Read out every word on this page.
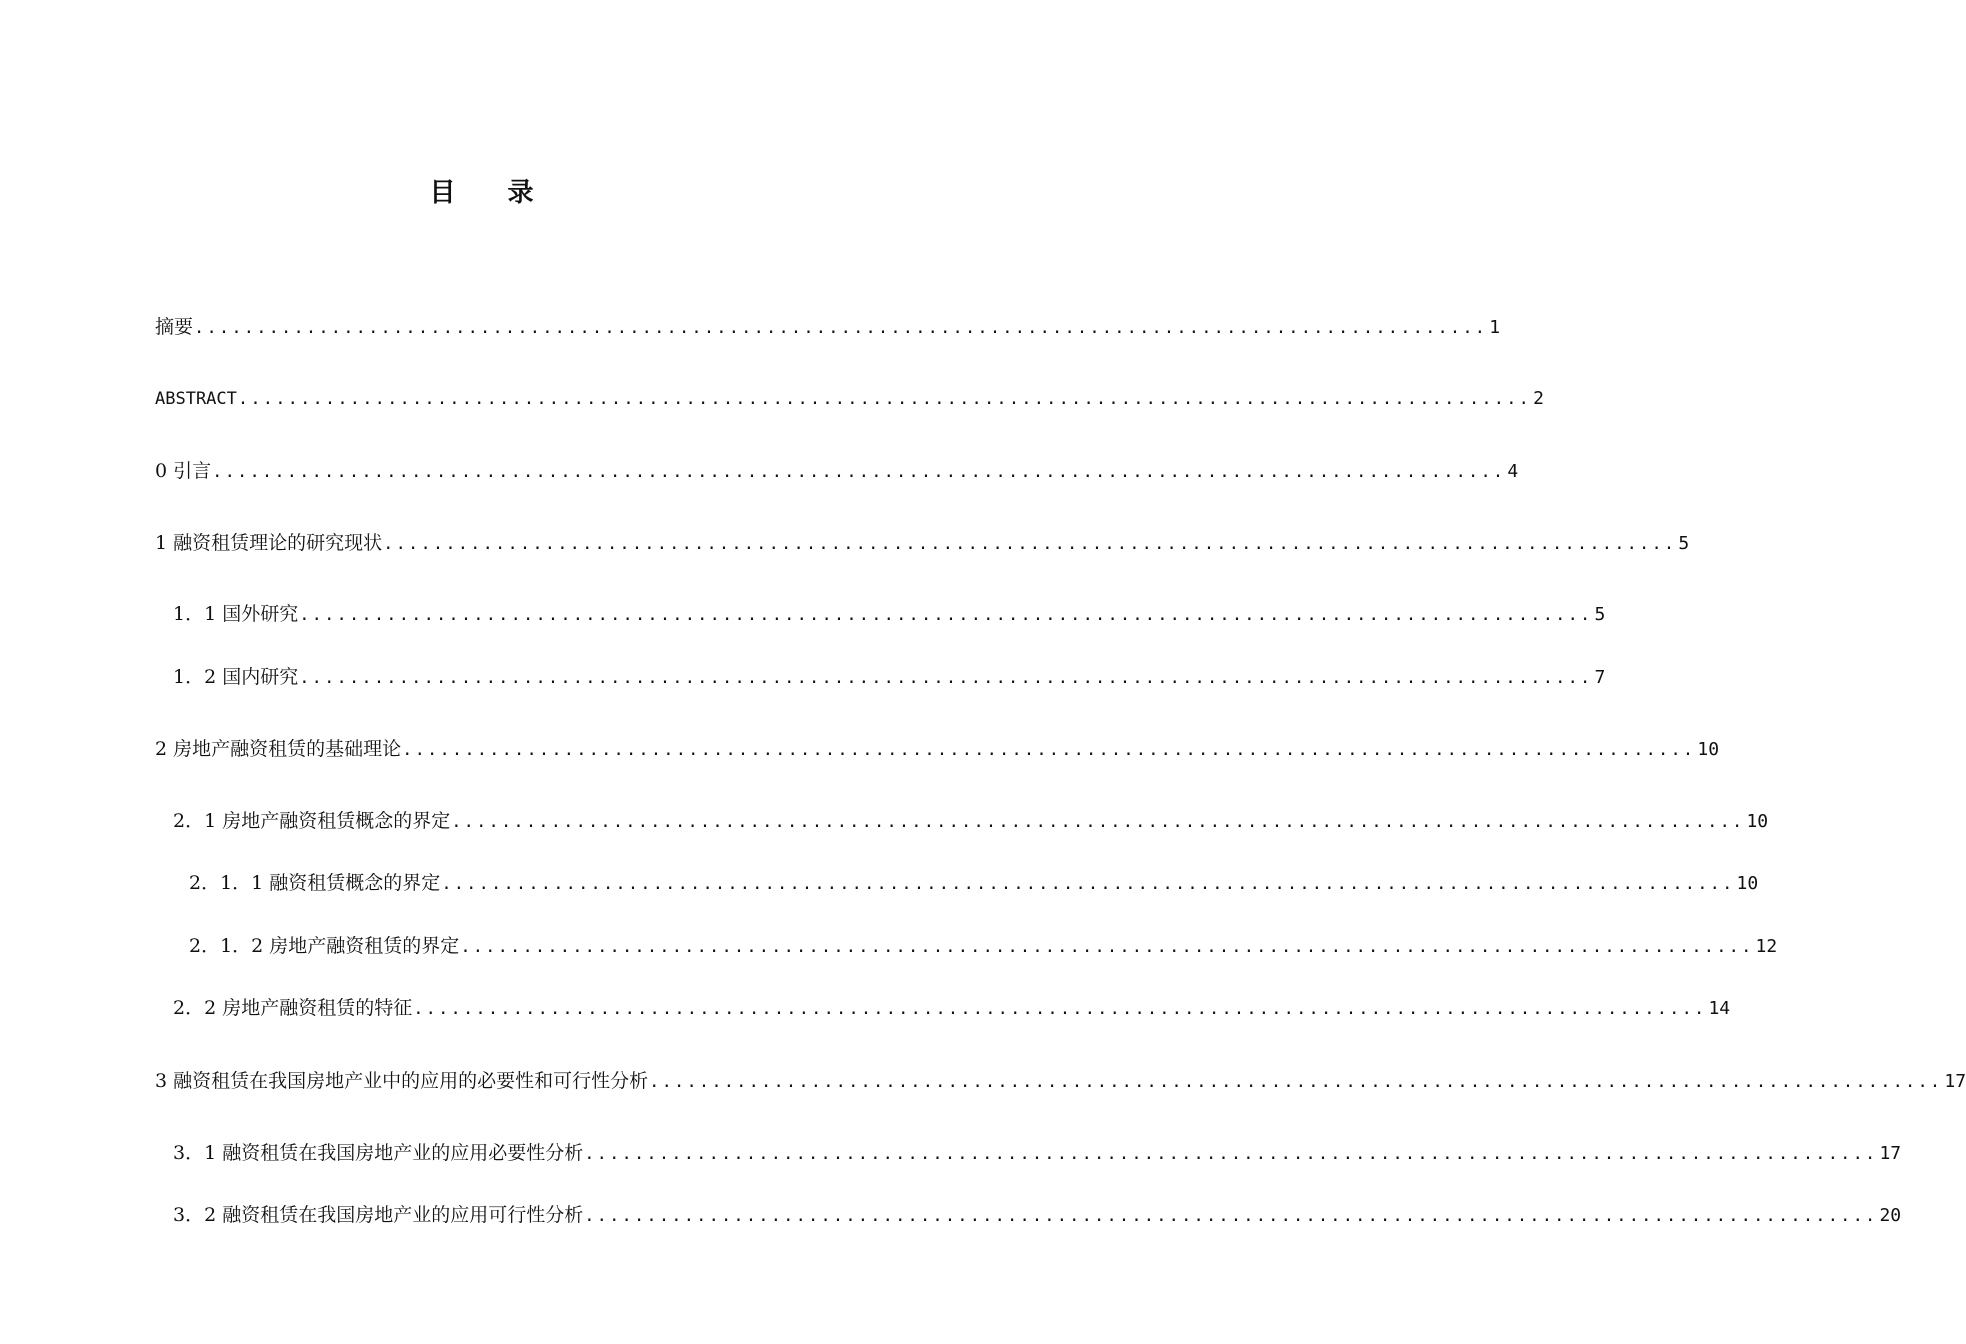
目录
摘要 ........................................................................................................ 1
ABSTRACT ........................................................................................................ 2
0 引言 ........................................................................................................ 4
1 融资租赁理论的研究现状 ........................................................................................................ 5
1．1 国外研究 ........................................................................................................ 5
1．2 国内研究 ........................................................................................................ 7
2 房地产融资租赁的基础理论 ........................................................................................................ 10
2．1 房地产融资租赁概念的界定 ........................................................................................................ 10
2．1．1 融资租赁概念的界定 ........................................................................................................ 10
2．1．2 房地产融资租赁的界定 ........................................................................................................ 12
2．2 房地产融资租赁的特征 ........................................................................................................ 14
3 融资租赁在我国房地产业中的应用的必要性和可行性分析 ........................................................................................................ 17
3．1 融资租赁在我国房地产业的应用必要性分析 ........................................................................................................ 17
3．2 融资租赁在我国房地产业的应用可行性分析 ........................................................................................................ 20
